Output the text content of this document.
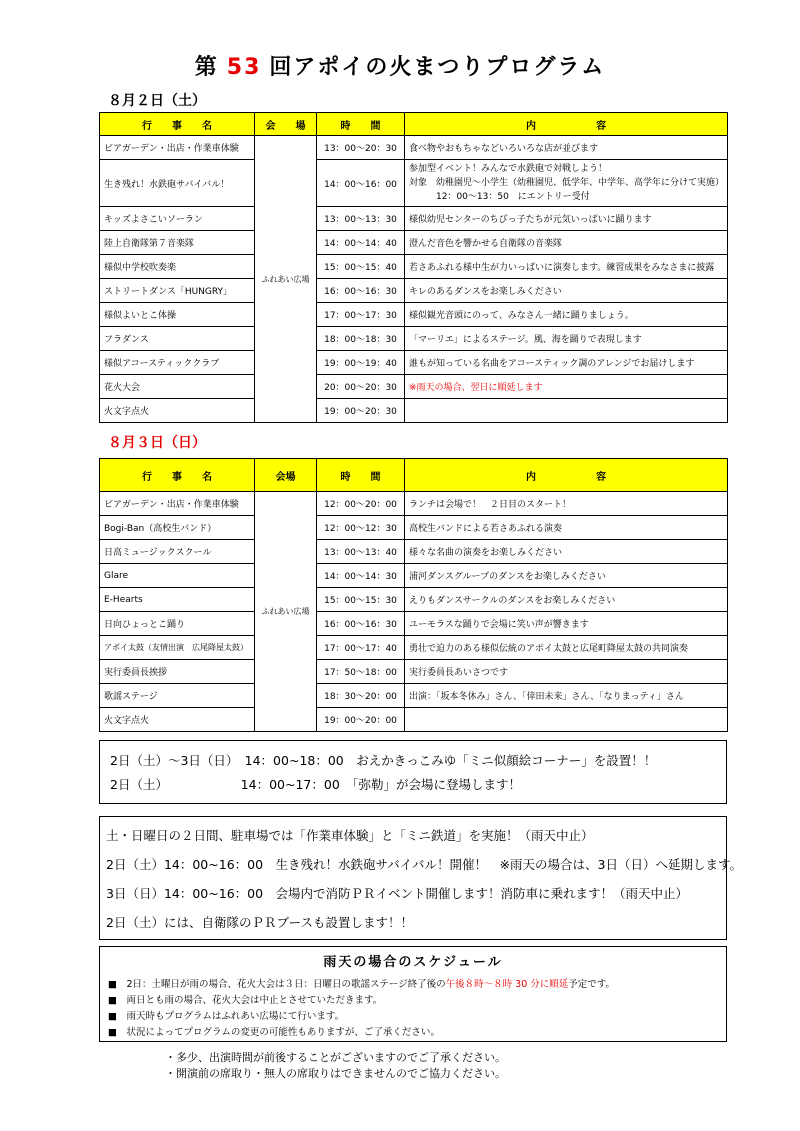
第 53 回アポイの火まつりプログラム
８月２日（土）
行　　事　　名	会　　場	時　　間	内　　　　　　容
ビアガーデン・出店・作業車体験	ふれあい広場	13：00～20：30	食べ物やおもちゃなどいろいろな店が並びます
生き残れ！水鉄砲サバイバル！		14：00～16：00	参加型イベント！みんなで水鉄砲で対戦しよう！
対象　幼稚園児～小学生（幼稚園児、低学年、中学年、高学年に分けて実施）
　　　12：00～13：50　にエントリー受付

キッズよさこいソーラン		13：00～13：30	様似幼児センターのちびっ子たちが元気いっぱいに踊ります
陸上自衛隊第７音楽隊		14：00～14：40	澄んだ音色を響かせる自衛隊の音楽隊
様似中学校吹奏楽		15：00～15：40	若さあふれる様中生が力いっぱいに演奏します。練習成果をみなさまに披露
ストリートダンス「HUNGRY」		16：00～16：30	キレのあるダンスをお楽しみください
様似よいとこ体操		17：00～17：30	様似観光音頭にのって、みなさん一緒に踊りましょう。
フラダンス		18：00～18：30	「マーリエ」によるステージ。風、海を踊りで表現します
様似アコースティッククラブ		19：00～19：40	誰もが知っている名曲をアコースティック調のアレンジでお届けします
花火大会		20：00～20：30	※雨天の場合、翌日に順延します
火文字点火		19：00～20：30	
８月３日（日）
行　　事　　名	会場	時　　間	内　　　　　　容
ビアガーデン・出店・作業車体験	ふれあい広場	12：00～20：00	ランチは会場で！　２日目のスタート！
Bogi-Ban（高校生バンド）		12：00～12：30	高校生バンドによる若さあふれる演奏
日高ミュージックスクール		13：00～13：40	様々な名曲の演奏をお楽しみください
Glare		14：00～14：30	浦河ダンスグループのダンスをお楽しみください
E-Hearts		15：00～15：30	えりもダンスサークルのダンスをお楽しみください
日向ひょっとこ踊り		16：00～16：30	ユーモラスな踊りで会場に笑い声が響きます
アポイ太鼓（友情出演　広尾降屋太鼓）		17：00～17：40	勇壮で迫力のある様似伝統のアポイ太鼓と広尾町降屋太鼓の共同演奏
実行委員長挨拶		17：50～18：00	実行委員長あいさつです
歌謡ステージ		18：30～20：00	出演：「坂本冬休み」さん、「倖田未来」さん、「なりまっティ」さん
火文字点火		19：00～20：00	

2日（土）～3日（日）　14：00~18：00　おえかきっこみゆ「ミニ似顔絵コーナー」を設置！！

2日（土）　　　　　　 14：00~17：00　「弥勒」が会場に登場します！

土・日曜日の２日間、駐車場では「作業車体験」と「ミニ鉄道」を実施！（雨天中止）

2日（土）14：00~16：00　生き残れ！水鉄砲サバイバル！開催！　※雨天の場合は、3日（日）へ延期します。

3日（日）14：00~16：00　会場内で消防ＰＲイベント開催します！消防車に乗れます！（雨天中止）

2日（土）には、自衛隊のＰＲブースも設置します！！

雨天の場合のスケジュール

■　2日：土曜日が雨の場合、花火大会は３日：日曜日の歌謡ステージ終了後の午後８時～８時 30 分に順延予定です。

■　両日とも雨の場合、花火大会は中止とさせていただきます。

■　雨天時もプログラムはふれあい広場にて行います。

■　状況によってプログラムの変更の可能性もありますが、ご了承ください。

・多少、出演時間が前後することがございますのでご了承ください。
・開演前の席取り・無人の席取りはできませんのでご協力ください。
